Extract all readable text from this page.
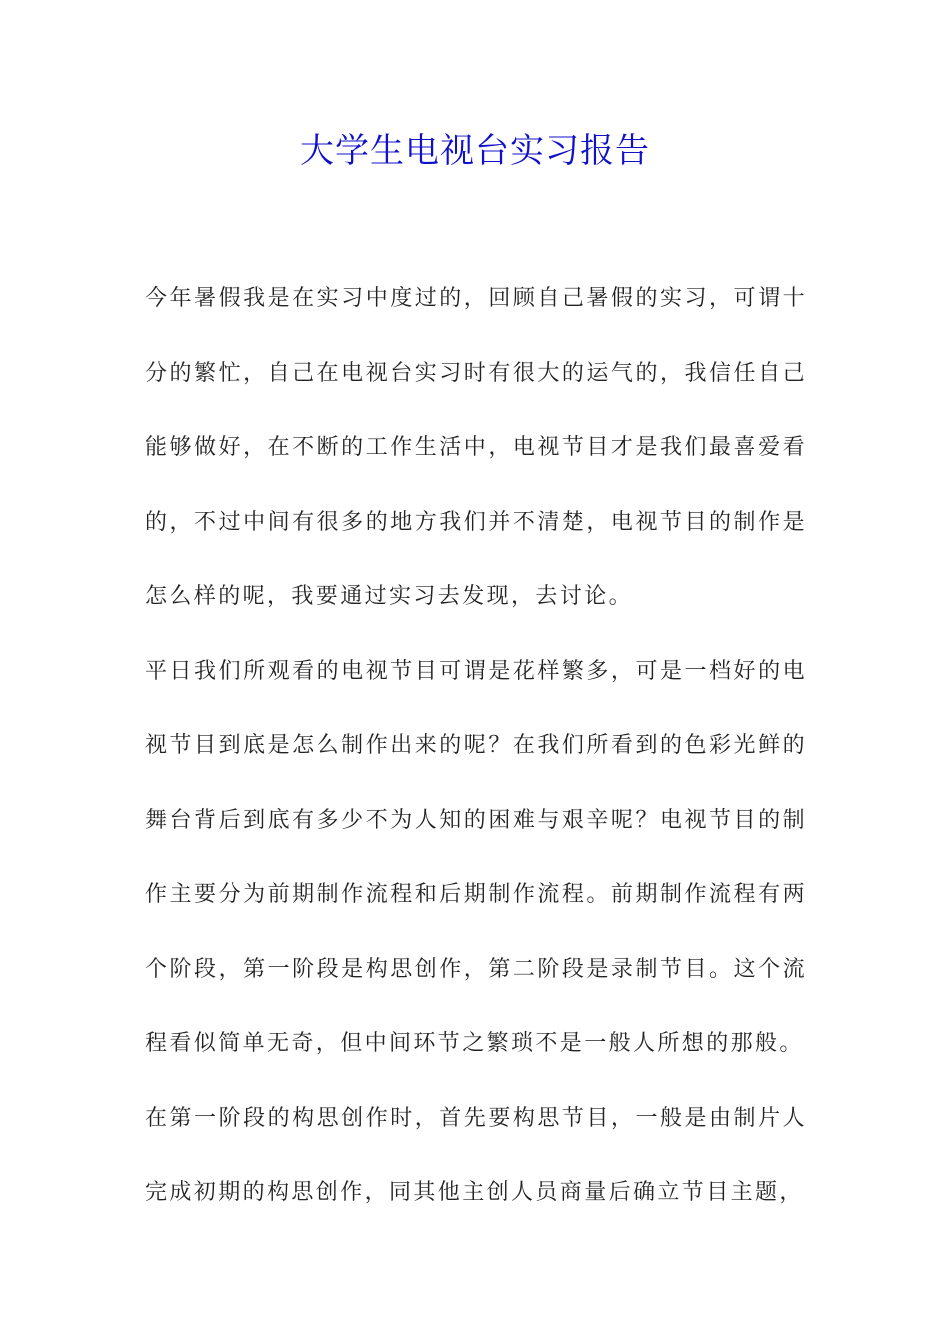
大学生电视台实习报告

今年暑假我是在实习中度过的，回顾自己暑假的实习，可谓十分的繁忙，自己在电视台实习时有很大的运气的，我信任自己能够做好，在不断的工作生活中，电视节目才是我们最喜爱看的，不过中间有很多的地方我们并不清楚，电视节目的制作是怎么样的呢，我要通过实习去发现，去讨论。

平日我们所观看的电视节目可谓是花样繁多，可是一档好的电视节目到底是怎么制作出来的呢？在我们所看到的色彩光鲜的舞台背后到底有多少不为人知的困难与艰辛呢？电视节目的制作主要分为前期制作流程和后期制作流程。前期制作流程有两个阶段，第一阶段是构思创作，第二阶段是录制节目。这个流程看似简单无奇，但中间环节之繁琐不是一般人所想的那般。

在第一阶段的构思创作时，首先要构思节目，一般是由制片人完成初期的构思创作，同其他主创人员商量后确立节目主题，
